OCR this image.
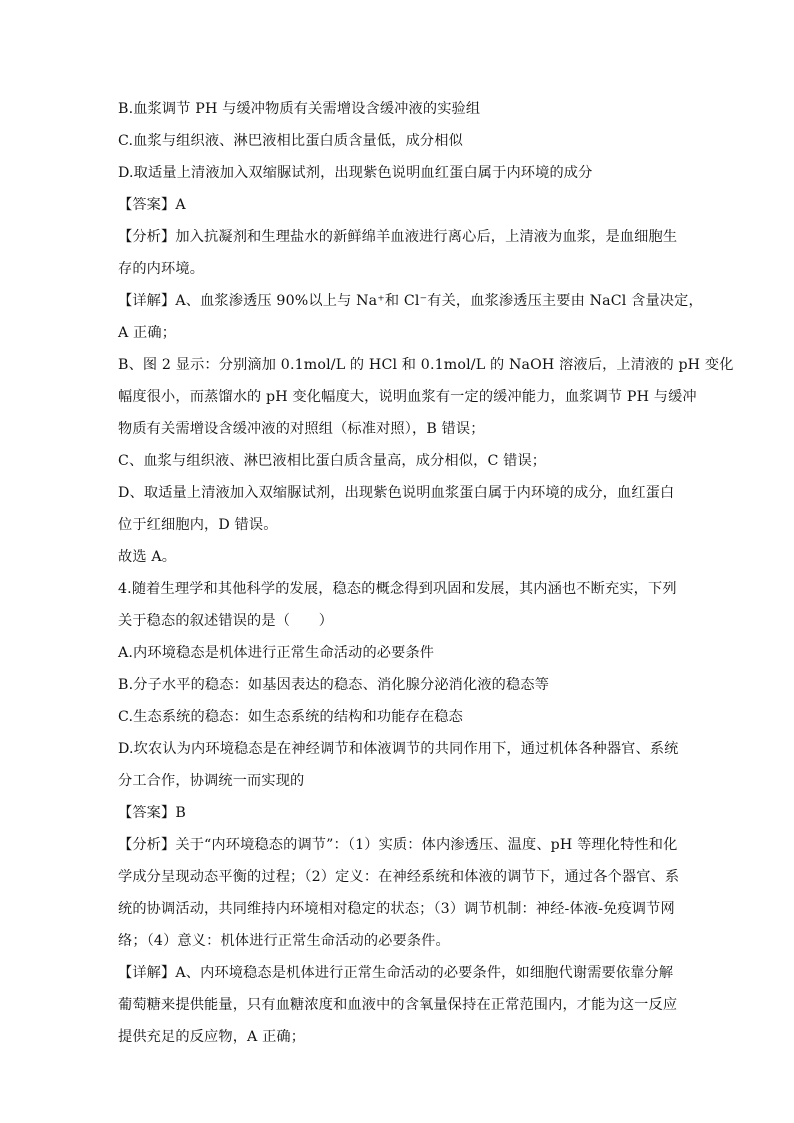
B.血浆调节 PH 与缓冲物质有关需增设含缓冲液的实验组
C.血浆与组织液、淋巴液相比蛋白质含量低，成分相似
D.取适量上清液加入双缩脲试剂，出现紫色说明血红蛋白属于内环境的成分
【答案】A
【分析】加入抗凝剂和生理盐水的新鲜绵羊血液进行离心后，上清液为血浆，是血细胞生
存的内环境。
【详解】A、血浆渗透压 90%以上与 Na⁺和 Cl⁻有关，血浆渗透压主要由 NaCl 含量决定，
A 正确；
B、图 2 显示：分别滴加 0.1mol/L 的 HCl 和 0.1mol/L 的 NaOH 溶液后，上清液的 pH 变化
幅度很小，而蒸馏水的 pH 变化幅度大，说明血浆有一定的缓冲能力，血浆调节 PH 与缓冲
物质有关需增设含缓冲液的对照组（标准对照），B 错误；
C、血浆与组织液、淋巴液相比蛋白质含量高，成分相似，C 错误；
D、取适量上清液加入双缩脲试剂，出现紫色说明血浆蛋白属于内环境的成分，血红蛋白
位于红细胞内，D 错误。
故选 A。
4.随着生理学和其他科学的发展，稳态的概念得到巩固和发展，其内涵也不断充实，下列
关于稳态的叙述错误的是（　　）
A.内环境稳态是机体进行正常生命活动的必要条件
B.分子水平的稳态：如基因表达的稳态、消化腺分泌消化液的稳态等
C.生态系统的稳态：如生态系统的结构和功能存在稳态
D.坎农认为内环境稳态是在神经调节和体液调节的共同作用下，通过机体各种器官、系统
分工合作，协调统一而实现的
【答案】B
【分析】关于“内环境稳态的调节”：（1）实质：体内渗透压、温度、pH 等理化特性和化
学成分呈现动态平衡的过程；（2）定义：在神经系统和体液的调节下，通过各个器官、系
统的协调活动，共同维持内环境相对稳定的状态；（3）调节机制：神经-体液-免疫调节网
络；（4）意义：机体进行正常生命活动的必要条件。
【详解】A、内环境稳态是机体进行正常生命活动的必要条件，如细胞代谢需要依靠分解
葡萄糖来提供能量，只有血糖浓度和血液中的含氧量保持在正常范围内，才能为这一反应
提供充足的反应物，A 正确；
